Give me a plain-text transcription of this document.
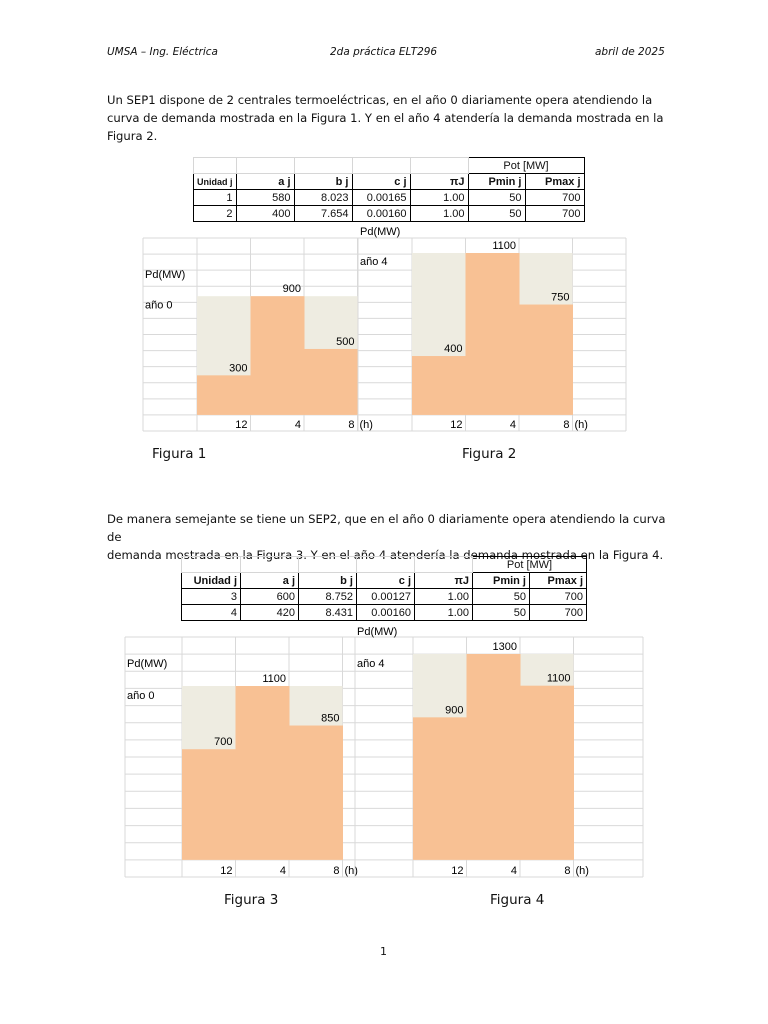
UMSA – Ing. Eléctrica	2da práctica ELT296	abril de 2025

Un SEP1 dispone de 2 centrales termoeléctricas, en el año 0 diariamente opera atendiendo la

curva de demanda mostrada en la Figura 1. Y en el año 4 atendería la demanda mostrada en la

Figura 2.

					Pot [MW]	
Unidad j	a j	b j	c j	πJ	Pmin j	Pmax j
1	580	8.023	0.00165	1.00	50	700
2	400	7.654	0.00160	1.00	50	700
300
900
500
12	4	8 (h)
Pd(MW)
año 0
400
1100
750
12	4	8 (h)
Pd(MW)
año 4
Figura 1	Figura 2

De manera semejante se tiene un SEP2, que en el año 0 diariamente opera atendiendo la curva de

demanda mostrada en la Figura 3. Y en el año 4 atendería la demanda mostrada en la Figura 4.

					Pot [MW]	
Unidad j	a j	b j	c j	πJ	Pmin j	Pmax j
3	600	8.752	0.00127	1.00	50	700
4	420	8.431	0.00160	1.00	50	700
700
1100
850
12	4	8 (h)
Pd(MW)
año 0
900
1300
1100
12	4	8 (h)
Pd(MW)
año 4
Figura 3	Figura 4
1
